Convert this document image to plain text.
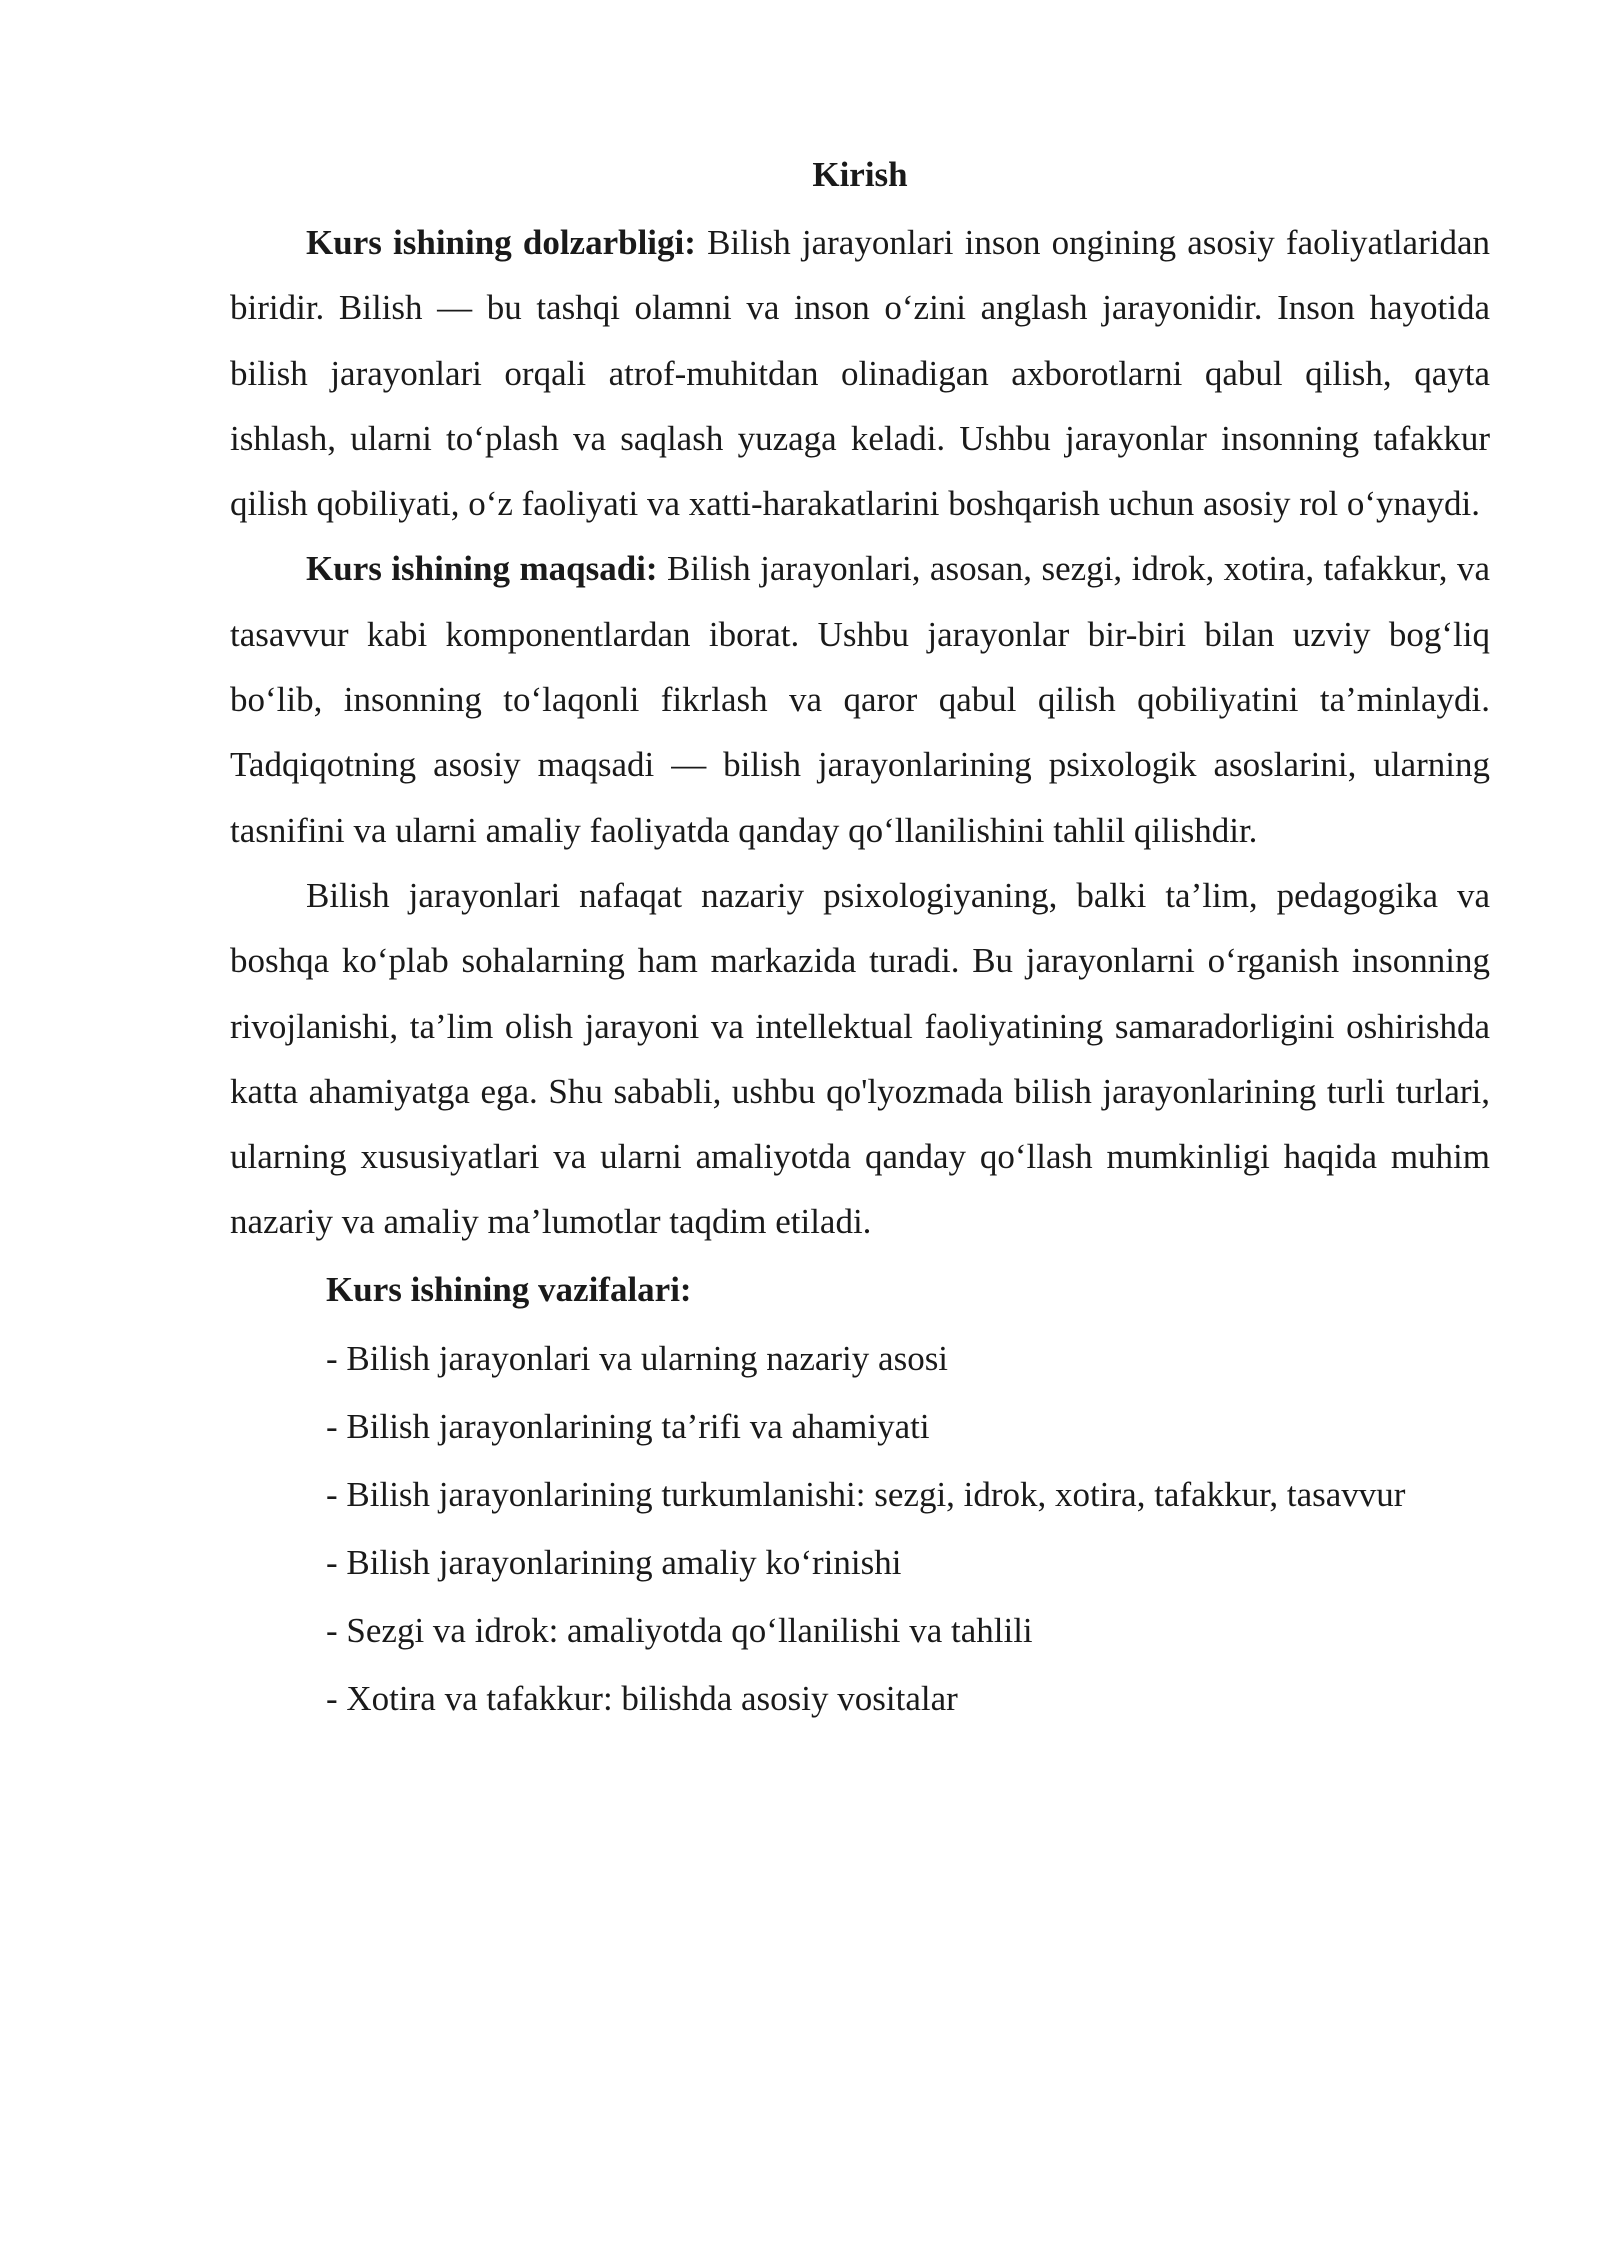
Kirish

Kurs ishining dolzarbligi: Bilish jarayonlari inson ongining asosiy faoliyatlaridan biridir. Bilish — bu tashqi olamni va inson oʻzini anglash jarayonidir. Inson hayotida bilish jarayonlari orqali atrof-muhitdan olinadigan axborotlarni qabul qilish, qayta ishlash, ularni toʻplash va saqlash yuzaga keladi. Ushbu jarayonlar insonning tafakkur qilish qobiliyati, oʻz faoliyati va xatti-harakatlarini boshqarish uchun asosiy rol oʻynaydi.

Kurs ishining maqsadi: Bilish jarayonlari, asosan, sezgi, idrok, xotira, tafakkur, va tasavvur kabi komponentlardan iborat. Ushbu jarayonlar bir-biri bilan uzviy bogʻliq boʻlib, insonning toʻlaqonli fikrlash va qaror qabul qilish qobiliyatini ta’minlaydi. Tadqiqotning asosiy maqsadi — bilish jarayonlarining psixologik asoslarini, ularning tasnifini va ularni amaliy faoliyatda qanday qoʻllanilishini tahlil qilishdir.

Bilish jarayonlari nafaqat nazariy psixologiyaning, balki ta’lim, pedagogika va boshqa koʻplab sohalarning ham markazida turadi. Bu jarayonlarni oʻrganish insonning rivojlanishi, ta’lim olish jarayoni va intellektual faoliyatining samaradorligini oshirishda katta ahamiyatga ega. Shu sababli, ushbu qo'lyozmada bilish jarayonlarining turli turlari, ularning xususiyatlari va ularni amaliyotda qanday qoʻllash mumkinligi haqida muhim nazariy va amaliy ma’lumotlar taqdim etiladi.

Kurs ishining vazifalari:

- Bilish jarayonlari va ularning nazariy asosi

- Bilish jarayonlarining ta’rifi va ahamiyati

- Bilish jarayonlarining turkumlanishi: sezgi, idrok, xotira, tafakkur, tasavvur

- Bilish jarayonlarining amaliy koʻrinishi

- Sezgi va idrok: amaliyotda qoʻllanilishi va tahlili

- Xotira va tafakkur: bilishda asosiy vositalar
